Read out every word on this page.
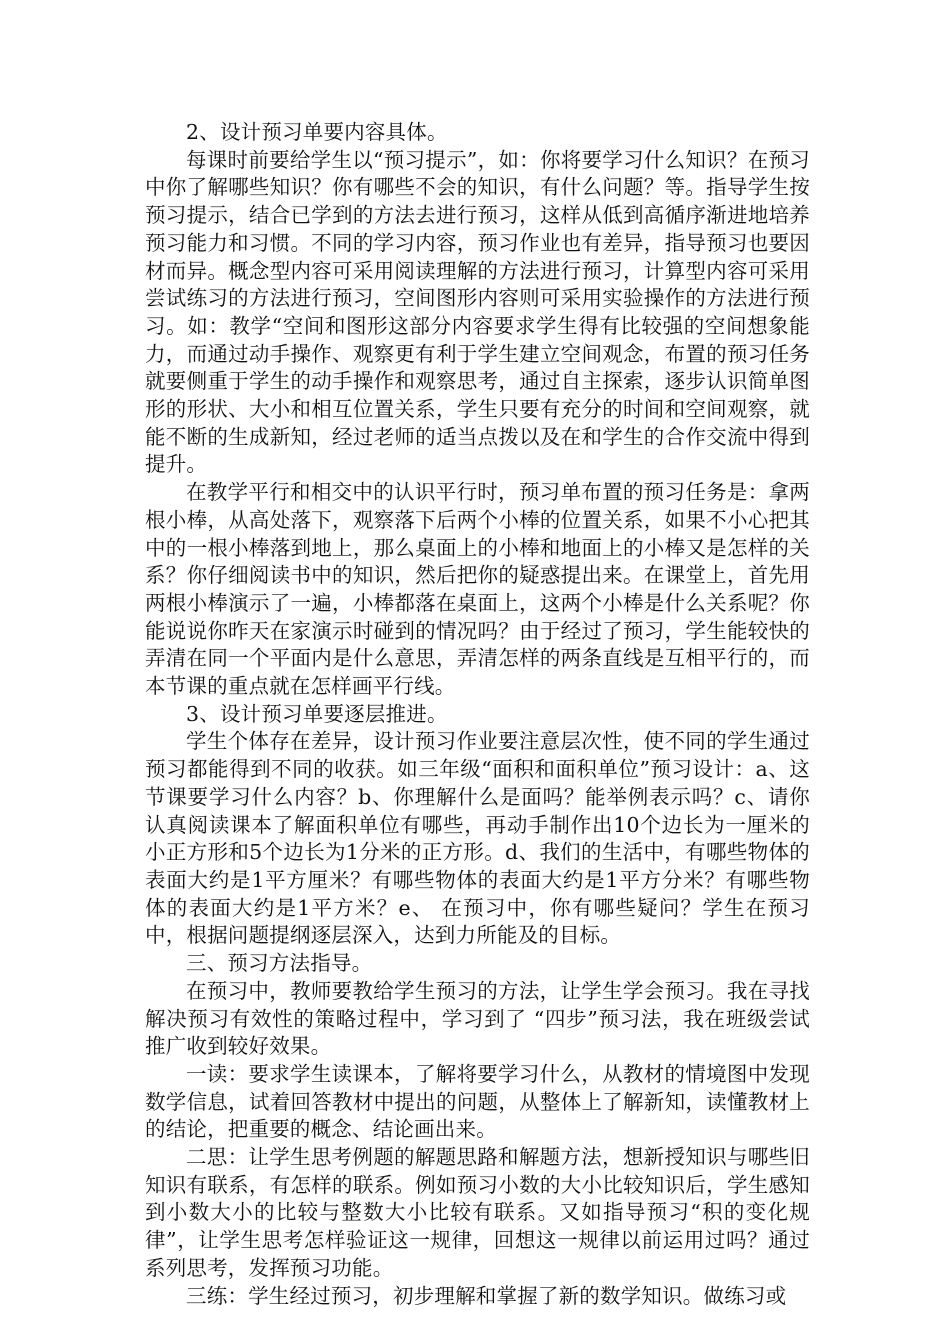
2、设计预习单要内容具体。

每课时前要给学生以“预习提示”，如：你将要学习什么知识？在预习中你了解哪些知识？你有哪些不会的知识，有什么问题？等。指导学生按预习提示，结合已学到的方法去进行预习，这样从低到高循序渐进地培养预习能力和习惯。不同的学习内容，预习作业也有差异，指导预习也要因材而异。概念型内容可采用阅读理解的方法进行预习，计算型内容可采用尝试练习的方法进行预习，空间图形内容则可采用实验操作的方法进行预习。如：教学“空间和图形这部分内容要求学生得有比较强的空间想象能力，而通过动手操作、观察更有利于学生建立空间观念，布置的预习任务就要侧重于学生的动手操作和观察思考，通过自主探索，逐步认识简单图形的形状、大小和相互位置关系，学生只要有充分的时间和空间观察，就能不断的生成新知，经过老师的适当点拨以及在和学生的合作交流中得到提升。

在教学平行和相交中的认识平行时，预习单布置的预习任务是：拿两根小棒，从高处落下，观察落下后两个小棒的位置关系，如果不小心把其中的一根小棒落到地上，那么桌面上的小棒和地面上的小棒又是怎样的关系？你仔细阅读书中的知识，然后把你的疑惑提出来。在课堂上，首先用两根小棒演示了一遍，小棒都落在桌面上，这两个小棒是什么关系呢？你能说说你昨天在家演示时碰到的情况吗？由于经过了预习，学生能较快的弄清在同一个平面内是什么意思，弄清怎样的两条直线是互相平行的，而本节课的重点就在怎样画平行线。

3、设计预习单要逐层推进。

学生个体存在差异，设计预习作业要注意层次性，使不同的学生通过预习都能得到不同的收获。如三年级“面积和面积单位”预习设计：a、这节课要学习什么内容？b、你理解什么是面吗？能举例表示吗？c、请你认真阅读课本了解面积单位有哪些，再动手制作出10个边长为一厘米的小正方形和5个边长为1分米的正方形。d、我们的生活中，有哪些物体的表面大约是1平方厘米？有哪些物体的表面大约是1平方分米？有哪些物体的表面大约是1平方米？e、 在预习中，你有哪些疑问？学生在预习中，根据问题提纲逐层深入，达到力所能及的目标。

三、预习方法指导。

在预习中，教师要教给学生预习的方法，让学生学会预习。我在寻找解决预习有效性的策略过程中，学习到了 “四步”预习法，我在班级尝试推广收到较好效果。

一读：要求学生读课本，了解将要学习什么，从教材的情境图中发现数学信息，试着回答教材中提出的问题，从整体上了解新知，读懂教材上的结论，把重要的概念、结论画出来。

二思：让学生思考例题的解题思路和解题方法，想新授知识与哪些旧知识有联系，有怎样的联系。例如预习小数的大小比较知识后，学生感知到小数大小的比较与整数大小比较有联系。又如指导预习“积的变化规律”，让学生思考怎样验证这一规律，回想这一规律以前运用过吗？通过系列思考，发挥预习功能。

三练：学生经过预习，初步理解和掌握了新的数学知识。做练习或
